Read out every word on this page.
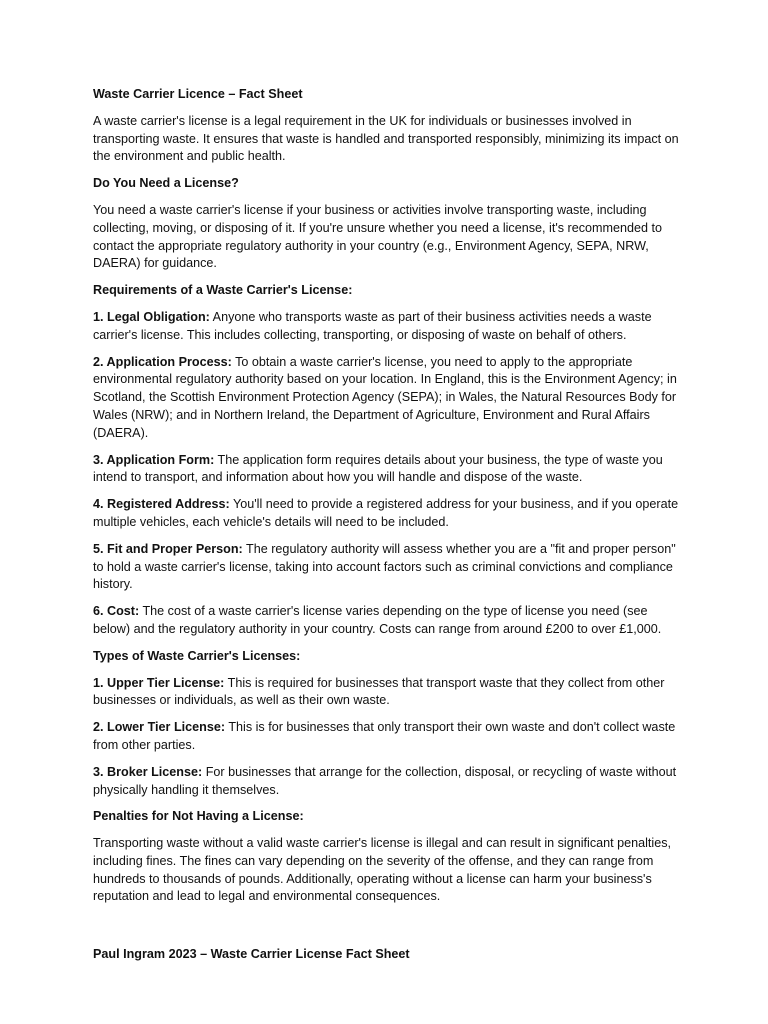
Waste Carrier Licence – Fact Sheet

A waste carrier's license is a legal requirement in the UK for individuals or businesses involved in transporting waste. It ensures that waste is handled and transported responsibly, minimizing its impact on the environment and public health.

Do You Need a License?

You need a waste carrier's license if your business or activities involve transporting waste, including collecting, moving, or disposing of it. If you're unsure whether you need a license, it's recommended to contact the appropriate regulatory authority in your country (e.g., Environment Agency, SEPA, NRW, DAERA) for guidance.

Requirements of a Waste Carrier's License:

1. Legal Obligation: Anyone who transports waste as part of their business activities needs a waste carrier's license. This includes collecting, transporting, or disposing of waste on behalf of others.

2. Application Process: To obtain a waste carrier's license, you need to apply to the appropriate environmental regulatory authority based on your location. In England, this is the Environment Agency; in Scotland, the Scottish Environment Protection Agency (SEPA); in Wales, the Natural Resources Body for Wales (NRW); and in Northern Ireland, the Department of Agriculture, Environment and Rural Affairs (DAERA).

3. Application Form: The application form requires details about your business, the type of waste you intend to transport, and information about how you will handle and dispose of the waste.

4. Registered Address: You'll need to provide a registered address for your business, and if you operate multiple vehicles, each vehicle's details will need to be included.

5. Fit and Proper Person: The regulatory authority will assess whether you are a "fit and proper person" to hold a waste carrier's license, taking into account factors such as criminal convictions and compliance history.

6. Cost: The cost of a waste carrier's license varies depending on the type of license you need (see below) and the regulatory authority in your country. Costs can range from around £200 to over £1,000.

Types of Waste Carrier's Licenses:

1. Upper Tier License: This is required for businesses that transport waste that they collect from other businesses or individuals, as well as their own waste.

2. Lower Tier License: This is for businesses that only transport their own waste and don't collect waste from other parties.

3. Broker License: For businesses that arrange for the collection, disposal, or recycling of waste without physically handling it themselves.

Penalties for Not Having a License:

Transporting waste without a valid waste carrier's license is illegal and can result in significant penalties, including fines. The fines can vary depending on the severity of the offense, and they can range from hundreds to thousands of pounds. Additionally, operating without a license can harm your business's reputation and lead to legal and environmental consequences.

Paul Ingram 2023 – Waste Carrier License Fact Sheet
